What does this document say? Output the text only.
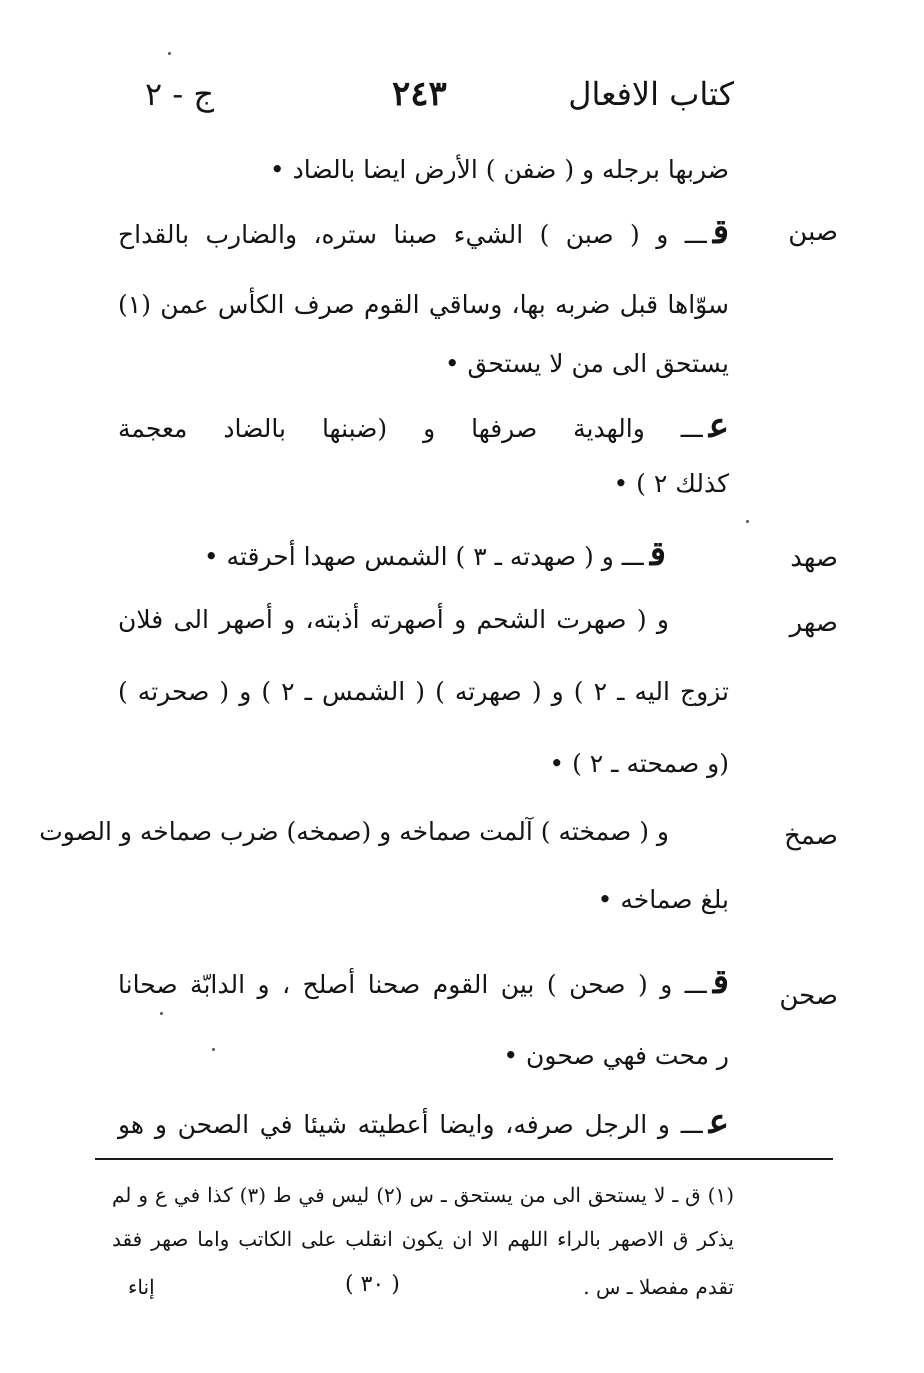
كتاب الافعال
٢٤٣
ج - ٢
ضربها برجله و ( ضفن ) الأرض ايضا بالضاد •
صبن
قـــ و ( صبن ) الشيء صبنا ستره، والضارب بالقداح
سوّاها قبل ضربه بها، وساقي القوم صرف الكأس عمن (١)
يستحق الى من لا يستحق •
عـــ والهدية صرفها و (ضبنها بالضاد معجمة
كذلك ٢ ) •
صهد
قـــ و ( صهدته ـ ٣ ) الشمس صهدا أحرقته •
صهر
و ( صهرت الشحم و أصهرته أذبته، و أصهر الى فلان
تزوج اليه ـ ٢ ) و ( صهرته ) ( الشمس ـ ٢ ) و ( صحرته )
(و صمحته ـ ٢ ) •
صمخ
و ( صمخته ) آلمت صماخه و (صمخه) ضرب صماخه و الصوت
بلغ صماخه •
صحن
قـــ و ( صحن ) بين القوم صحنا أصلح ، و الدابّة صحانا
ر محت فهي صحون •
عـــ و الرجل صرفه، وايضا أعطيته شيئا في الصحن و هو
(١) ق ـ لا يستحق الى من يستحق ـ س (٢) ليس في ط (٣) كذا في ع و لم
يذكر ق الاصهر بالراء اللهم الا ان يكون انقلب على الكاتب واما صهر فقد
تقدم مفصلا ـ س .
( ٣٠ )
إناء
